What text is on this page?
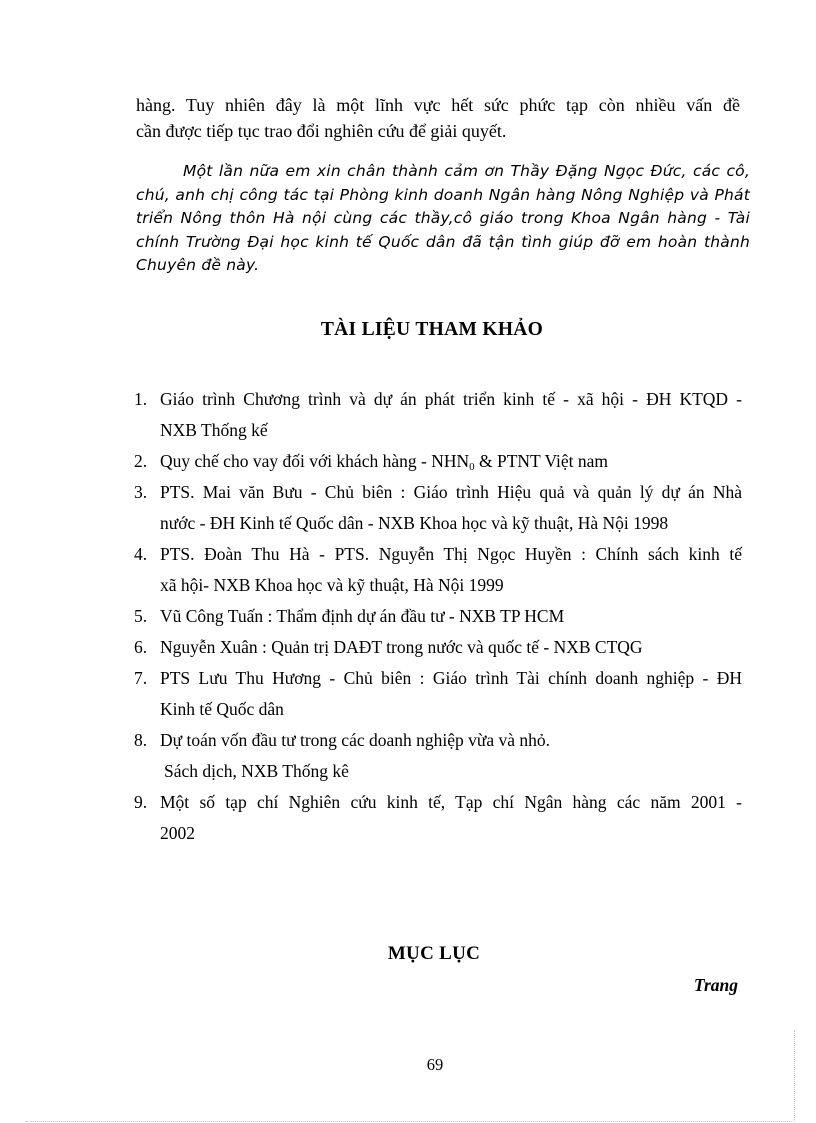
hàng. Tuy nhiên đây là một lĩnh vực hết sức phức tạp còn nhiều vấn đề
cần được tiếp tục trao đổi nghiên cứu để giải quyết.
Một lần nữa em xin chân thành cảm ơn Thầy Đặng Ngọc Đức, các cô,
chú, anh chị công tác tại Phòng kinh doanh Ngân hàng Nông Nghiệp và Phát
triển Nông thôn Hà nội cùng các thầy,cô giáo trong Khoa Ngân hàng - Tài
chính Trường Đại học kinh tế Quốc dân đã tận tình giúp đỡ em hoàn thành
Chuyên đề này.
TÀI LIỆU THAM KHẢO
1. Giáo trình Chương trình và dự án phát triển kinh tế - xã hội - ĐH KTQD -
NXB Thống kế
2. Quy chế cho vay đối với khách hàng - $NHN_0$ & PTNT Việt nam
3. PTS. Mai văn Bưu - Chủ biên : Giáo trình Hiệu quả và quản lý dự án Nhà
nước - ĐH Kinh tế Quốc dân - NXB Khoa học và kỹ thuật, Hà Nội 1998
4. PTS. Đoàn Thu Hà - PTS. Nguyễn Thị Ngọc Huyền : Chính sách kinh tế
xã hội- NXB Khoa học và kỹ thuật, Hà Nội 1999
5. Vũ Công Tuấn : Thẩm định dự án đầu tư - NXB TP HCM
6. Nguyễn Xuân : Quản trị DAĐT trong nước và quốc tế - NXB CTQG
7. PTS Lưu Thu Hương - Chủ biên : Giáo trình Tài chính doanh nghiệp - ĐH
Kinh tế Quốc dân
8. Dự toán vốn đầu tư trong các doanh nghiệp vừa và nhỏ.
Sách dịch, NXB Thống kê
9. Một số tạp chí Nghiên cứu kinh tế, Tạp chí Ngân hàng các năm 2001 -
2002
MỤC LỤC
Trang
69
